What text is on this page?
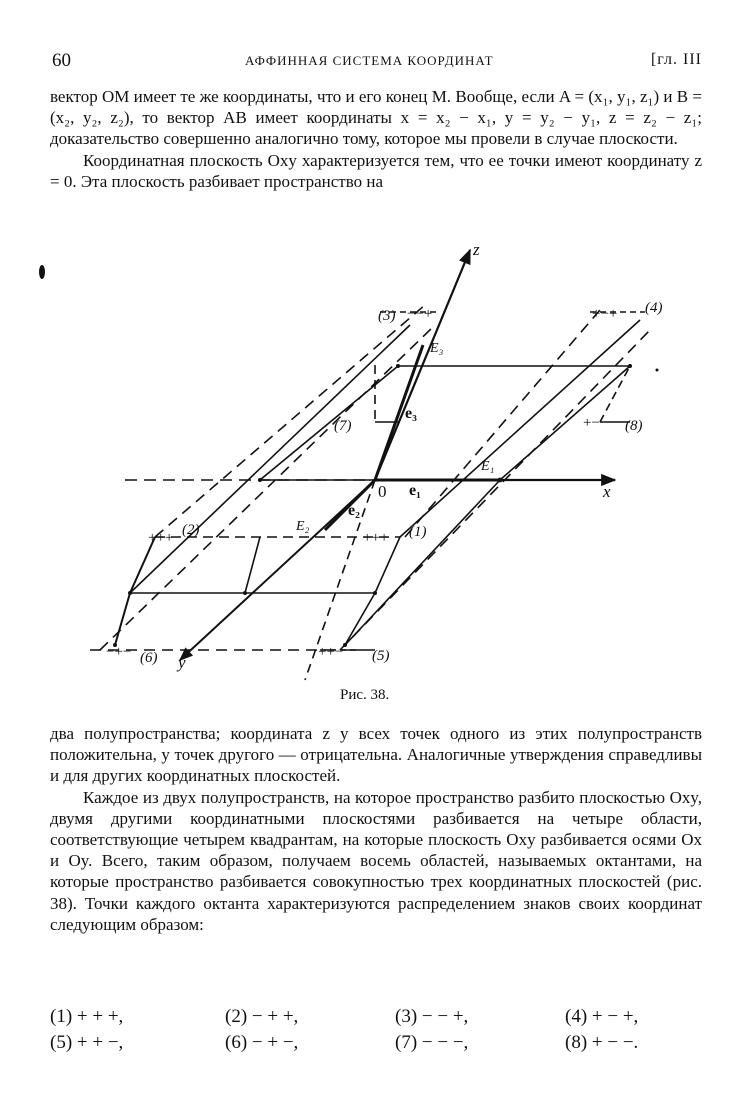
60	АФФИННАЯ СИСТЕМА КООРДИНАТ	[гл. III

вектор OM имеет те же координаты, что и его конец M. Вообще, если A = (x₁, y₁, z₁) и B = (x₂, y₂, z₂), то вектор AB имеет координаты x = x₂ − x₁, y = y₂ − y₁, z = z₂ − z₁; доказательство совершенно аналогично тому, которое мы провели в случае плоскости.

Координатная плоскость Oxy характеризуется тем, что ее точки имеют координату z = 0. Эта плоскость разбивает пространство на

z
x
y
0
E₃
E₁
E₂
e₃
e₁
e₂
(3) −−+	+−+ (4)
(7)	+−− (8)
+++ (2)	+++ (1)
−+− (6)	++− (5)
Рис. 38.

два полупространства; координата z у всех точек одного из этих полупространств положительна, у точек другого — отрицательна. Аналогичные утверждения справедливы и для других координатных плоскостей.

Каждое из двух полупространств, на которое пространство разбито плоскостью Oxy, двумя другими координатными плоскостями разбивается на четыре области, соответствующие четырем квадрантам, на которые плоскость Oxy разбивается осями Ox и Oy. Всего, таким образом, получаем восемь областей, называемых октантами, на которые пространство разбивается совокупностью трех координатных плоскостей (рис. 38). Точки каждого октанта характеризуются распределением знаков своих координат следующим образом:

(1) + + +,	(2) − + +,	(3) − − +,	(4) + − +,
(5) + + −,	(6) − + −,	(7) − − −,	(8) + − −.
